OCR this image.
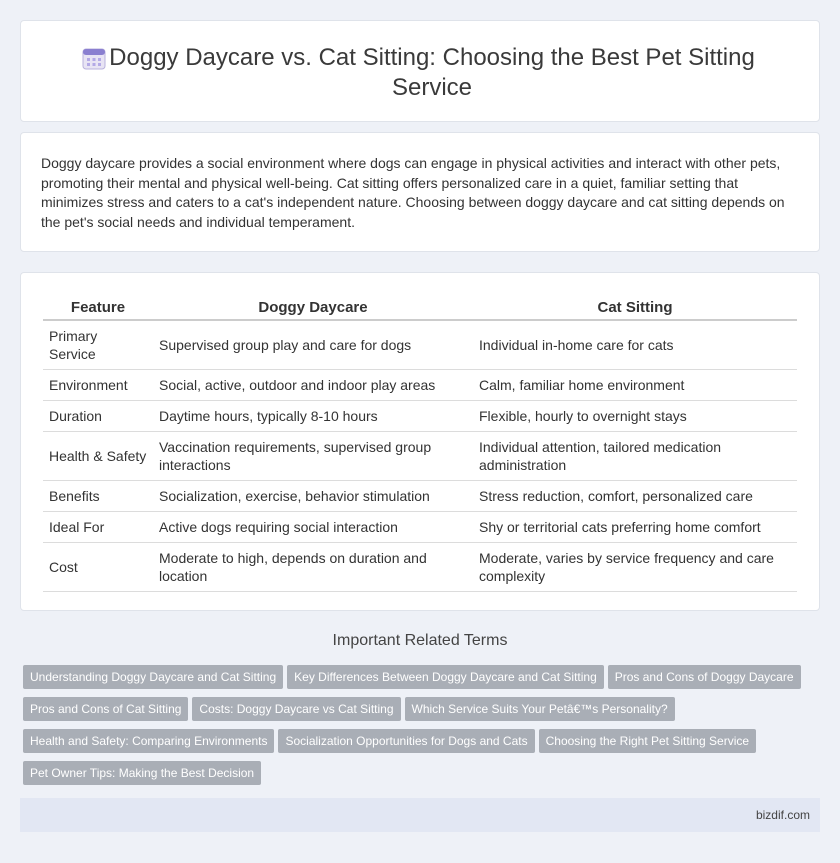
Doggy Daycare vs. Cat Sitting: Choosing the Best Pet Sitting Service

Doggy daycare provides a social environment where dogs can engage in physical activities and interact with other pets, promoting their mental and physical well-being. Cat sitting offers personalized care in a quiet, familiar setting that minimizes stress and caters to a cat's independent nature. Choosing between doggy daycare and cat sitting depends on the pet's social needs and individual temperament.

Feature	Doggy Daycare	Cat Sitting
Primary Service	Supervised group play and care for dogs	Individual in-home care for cats
Environment	Social, active, outdoor and indoor play areas	Calm, familiar home environment
Duration	Daytime hours, typically 8-10 hours	Flexible, hourly to overnight stays
Health & Safety	Vaccination requirements, supervised group interactions	Individual attention, tailored medication administration
Benefits	Socialization, exercise, behavior stimulation	Stress reduction, comfort, personalized care
Ideal For	Active dogs requiring social interaction	Shy or territorial cats preferring home comfort
Cost	Moderate to high, depends on duration and location	Moderate, varies by service frequency and care complexity
Important Related Terms
Understanding Doggy Daycare and Cat Sitting Key Differences Between Doggy Daycare and Cat Sitting Pros and Cons of Doggy Daycare
Pros and Cons of Cat Sitting Costs: Doggy Daycare vs Cat Sitting Which Service Suits Your Petâ€™s Personality?
Health and Safety: Comparing Environments Socialization Opportunities for Dogs and Cats Choosing the Right Pet Sitting Service
Pet Owner Tips: Making the Best Decision
bizdif.com
